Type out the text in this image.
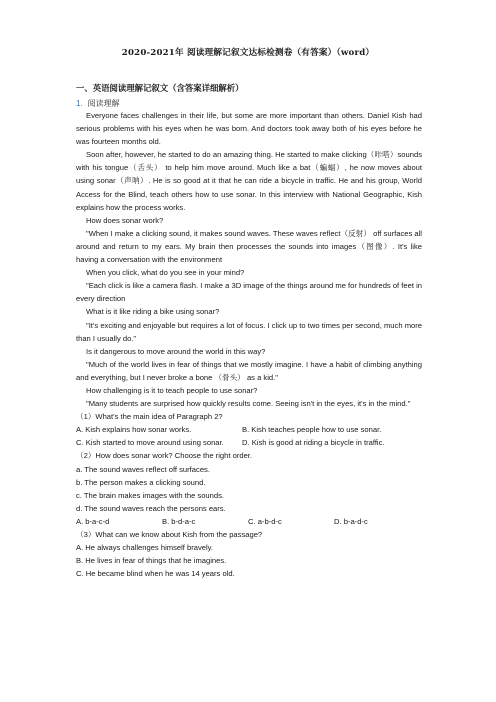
2020-2021年 阅读理解记叙文达标检测卷（有答案）（word）
一、英语阅读理解记叙文（含答案详细解析）
1. 阅读理解

Everyone faces challenges in their life, but some are more important than others. Daniel Kish had serious problems with his eyes when he was born. And doctors took away both of his eyes before he was fourteen months old.

Soon after, however, he started to do an amazing thing. He started to make clicking（咔嗒）sounds with his tongue（舌头） to help him move around. Much like a bat（蝙蝠）, he now moves about using sonar（声呐）. He is so good at it that he can ride a bicycle in traffic. He and his group, World Access for the Blind, teach others how to use sonar. In this interview with National Geographic, Kish explains how the process works.

How does sonar work?

"When I make a clicking sound, it makes sound waves. These waves reflect（反射） off surfaces all around and return to my ears. My brain then processes the sounds into images（图像）. It's like having a conversation with the environment

When you click, what do you see in your mind?

"Each click is like a camera flash. I make a 3D image of the things around me for hundreds of feet in every direction

What is it like riding a bike using sonar?

"It's exciting and enjoyable but requires a lot of focus. I click up to two times per second, much more than I usually do."

Is it dangerous to move around the world in this way?

"Much of the world lives in fear of things that we mostly imagine. I have a habit of climbing anything and everything, but I never broke a bone （骨头） as a kid."

How challenging is it to teach people to use sonar?

"Many students are surprised how quickly results come. Seeing isn't in the eyes, it's in the mind."

（1）What's the main idea of Paragraph 2?

A. Kish explains how sonar works.	B. Kish teaches people how to use sonar.

C. Kish started to move around using sonar. D. Kish is good at riding a bicycle in traffic.

（2）How does sonar work? Choose the right order.

a. The sound waves reflect off surfaces.

b. The person makes a clicking sound.

c. The brain makes images with the sounds.

d. The sound waves reach the persons ears.

A. b-a-c-d	B. b-d-a-c	C. a-b-d-c	D. b-a-d-c

（3）What can we know about Kish from the passage?

A. He always challenges himself bravely.

B. He lives in fear of things that he imagines.

C. He became blind when he was 14 years old.
